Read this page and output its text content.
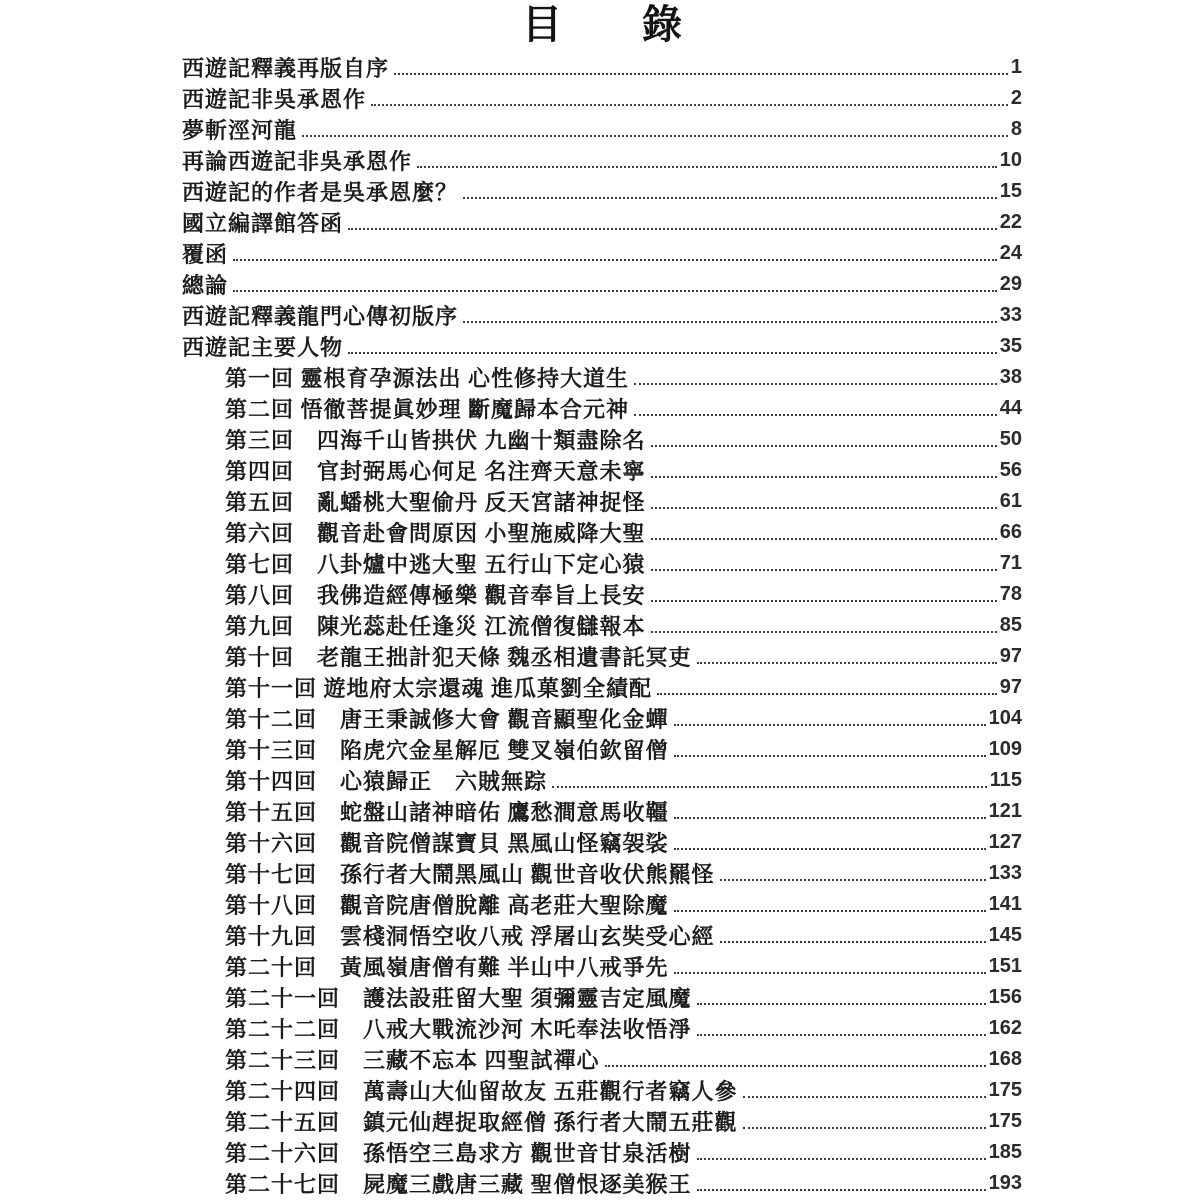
目　　錄
西遊記釋義再版自序	1
西遊記非吳承恩作	2
夢斬涇河龍	8
再論西遊記非吳承恩作	10
西遊記的作者是吳承恩麼？	15
國立編譯館答函	22
覆函	24
總論	29
西遊記釋義龍門心傳初版序	33
西遊記主要人物	35
第一回 靈根育孕源法出 心性修持大道生	38
第二回 悟徹菩提眞妙理 斷魔歸本合元神	44
第三回　四海千山皆拱伏 九幽十類盡除名	50
第四回　官封弼馬心何足 名注齊天意未寧	56
第五回　亂蟠桃大聖偷丹 反天宮諸神捉怪	61
第六回　觀音赴會問原因 小聖施威降大聖	66
第七回　八卦爐中逃大聖 五行山下定心猿	71
第八回　我佛造經傳極樂 觀音奉旨上長安	78
第九回　陳光蕊赴任逢災 江流僧復讎報本	85
第十回　老龍王拙計犯天條 魏丞相遺書託冥吏	97
第十一回 遊地府太宗還魂 進瓜菓劉全績配	97
第十二回　唐王秉誠修大會 觀音顯聖化金蟬	104
第十三回　陷虎穴金星解厄 雙叉嶺伯欽留僧	109
第十四回　心猿歸正　六賊無踪	115
第十五回　蛇盤山諸神暗佑 鷹愁澗意馬收韁	121
第十六回　觀音院僧謀寶貝 黑風山怪竊袈裟	127
第十七回　孫行者大鬧黑風山 觀世音收伏熊羆怪	133
第十八回　觀音院唐僧脫離 高老莊大聖除魔	141
第十九回　雲棧洞悟空收八戒 浮屠山玄奘受心經	145
第二十回　黃風嶺唐僧有難 半山中八戒爭先	151
第二十一回　護法設莊留大聖 須彌靈吉定風魔	156
第二十二回　八戒大戰流沙河 木吒奉法收悟淨	162
第二十三回　三藏不忘本 四聖試禪心	168
第二十四回　萬壽山大仙留故友 五莊觀行者竊人參	175
第二十五回　鎮元仙趕捉取經僧 孫行者大鬧五莊觀	175
第二十六回　孫悟空三島求方 觀世音甘泉活樹	185
第二十七回　屍魔三戲唐三藏 聖僧恨逐美猴王	193
